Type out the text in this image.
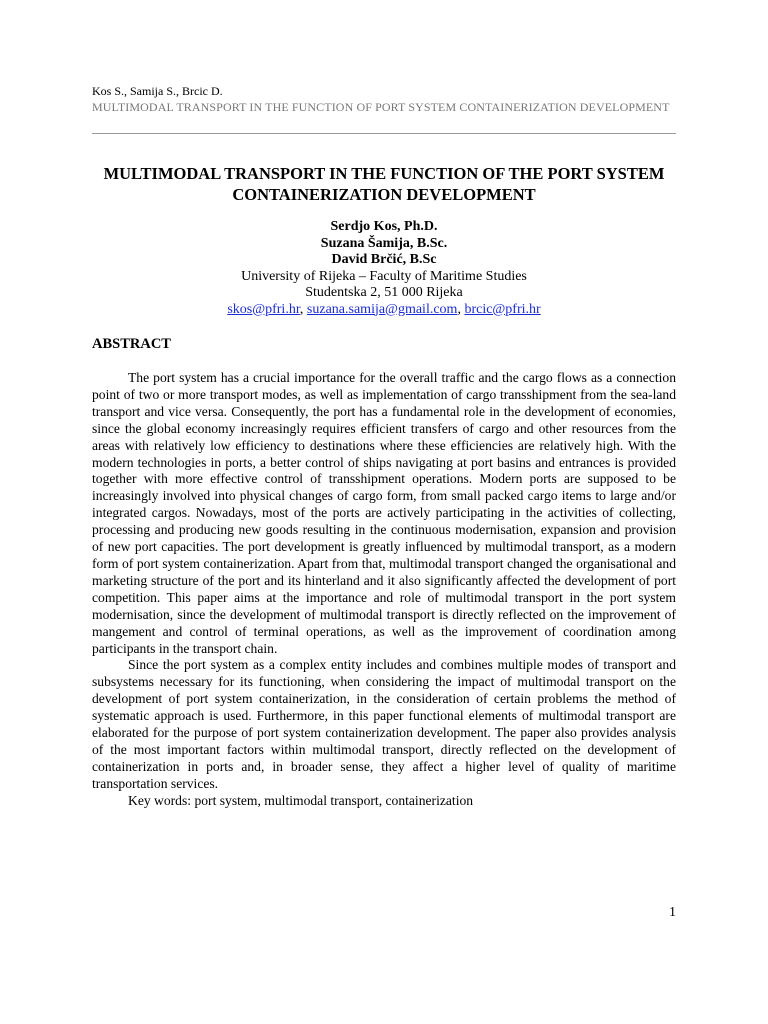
Kos S., Samija S., Brcic D.
MULTIMODAL TRANSPORT IN THE FUNCTION OF PORT SYSTEM CONTAINERIZATION DEVELOPMENT
MULTIMODAL TRANSPORT IN THE FUNCTION OF THE PORT SYSTEM CONTAINERIZATION DEVELOPMENT
Serdjo Kos, Ph.D.
Suzana Šamija, B.Sc.
David Brčić, B.Sc
University of Rijeka – Faculty of Maritime Studies
Studentska 2, 51 000 Rijeka
skos@pfri.hr, suzana.samija@gmail.com, brcic@pfri.hr
ABSTRACT

The port system has a crucial importance for the overall traffic and the cargo flows as a connection point of two or more transport modes, as well as implementation of cargo transshipment from the sea-land transport and vice versa. Consequently, the port has a fundamental role in the development of economies, since the global economy increasingly requires efficient transfers of cargo and other resources from the areas with relatively low efficiency to destinations where these efficiencies are relatively high. With the modern technologies in ports, a better control of ships navigating at port basins and entrances is provided together with more effective control of transshipment operations. Modern ports are supposed to be increasingly involved into physical changes of cargo form, from small packed cargo items to large and/or integrated cargos. Nowadays, most of the ports are actively participating in the activities of collecting, processing and producing new goods resulting in the continuous modernisation, expansion and provision of new port capacities. The port development is greatly influenced by multimodal transport, as a modern form of port system containerization. Apart from that, multimodal transport changed the organisational and marketing structure of the port and its hinterland and it also significantly affected the development of port competition. This paper aims at the importance and role of multimodal transport in the port system modernisation, since the development of multimodal transport is directly reflected on the improvement of mangement and control of terminal operations, as well as the improvement of coordination among participants in the transport chain.

Since the port system as a complex entity includes and combines multiple modes of transport and subsystems necessary for its functioning, when considering the impact of multimodal transport on the development of port system containerization, in the consideration of certain problems the method of systematic approach is used. Furthermore, in this paper functional elements of multimodal transport are elaborated for the purpose of port system containerization development. The paper also provides analysis of the most important factors within multimodal transport, directly reflected on the development of containerization in ports and, in broader sense, they affect a higher level of quality of maritime transportation services.

Key words: port system, multimodal transport, containerization

1
